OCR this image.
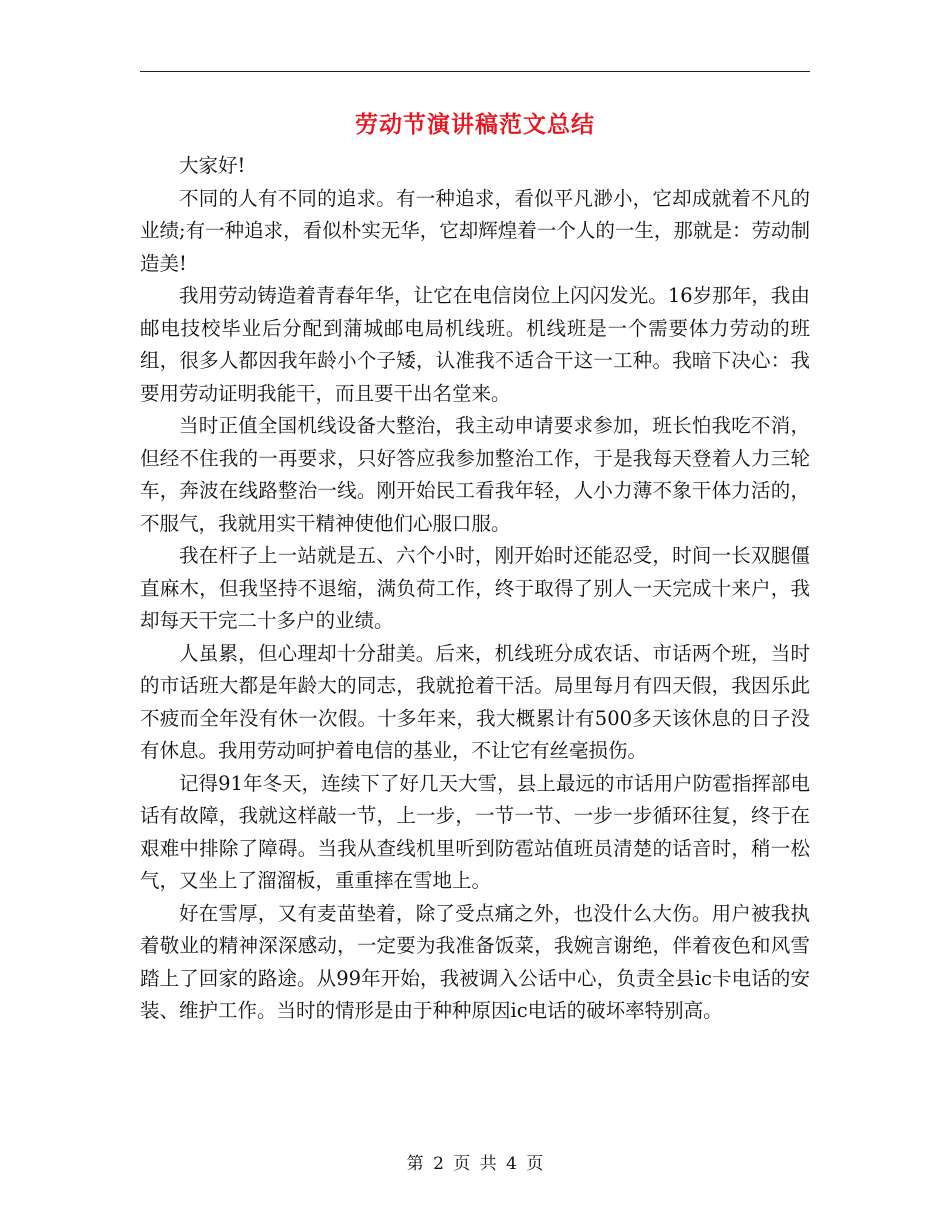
劳动节演讲稿范文总结

大家好!

不同的人有不同的追求。有一种追求，看似平凡渺小，它却成就着不凡的业绩;有一种追求，看似朴实无华，它却辉煌着一个人的一生，那就是：劳动制造美!

我用劳动铸造着青春年华，让它在电信岗位上闪闪发光。16岁那年，我由邮电技校毕业后分配到蒲城邮电局机线班。机线班是一个需要体力劳动的班组，很多人都因我年龄小个子矮，认准我不适合干这一工种。我暗下决心：我要用劳动证明我能干，而且要干出名堂来。

当时正值全国机线设备大整治，我主动申请要求参加，班长怕我吃不消，但经不住我的一再要求，只好答应我参加整治工作，于是我每天登着人力三轮车，奔波在线路整治一线。刚开始民工看我年轻，人小力薄不象干体力活的，不服气，我就用实干精神使他们心服口服。

我在杆子上一站就是五、六个小时，刚开始时还能忍受，时间一长双腿僵直麻木，但我坚持不退缩，满负荷工作，终于取得了别人一天完成十来户，我却每天干完二十多户的业绩。

人虽累，但心理却十分甜美。后来，机线班分成农话、市话两个班，当时的市话班大都是年龄大的同志，我就抢着干活。局里每月有四天假，我因乐此不疲而全年没有休一次假。十多年来，我大概累计有500多天该休息的日子没有休息。我用劳动呵护着电信的基业，不让它有丝毫损伤。

记得91年冬天，连续下了好几天大雪，县上最远的市话用户防雹指挥部电话有故障，我就这样敲一节，上一步，一节一节、一步一步循环往复，终于在艰难中排除了障碍。当我从查线机里听到防雹站值班员清楚的话音时，稍一松气，又坐上了溜溜板，重重摔在雪地上。

好在雪厚，又有麦苗垫着，除了受点痛之外，也没什么大伤。用户被我执着敬业的精神深深感动，一定要为我准备饭菜，我婉言谢绝，伴着夜色和风雪踏上了回家的路途。从99年开始，我被调入公话中心，负责全县ic卡电话的安装、维护工作。当时的情形是由于种种原因ic电话的破坏率特别高。

第 2 页 共 4 页
